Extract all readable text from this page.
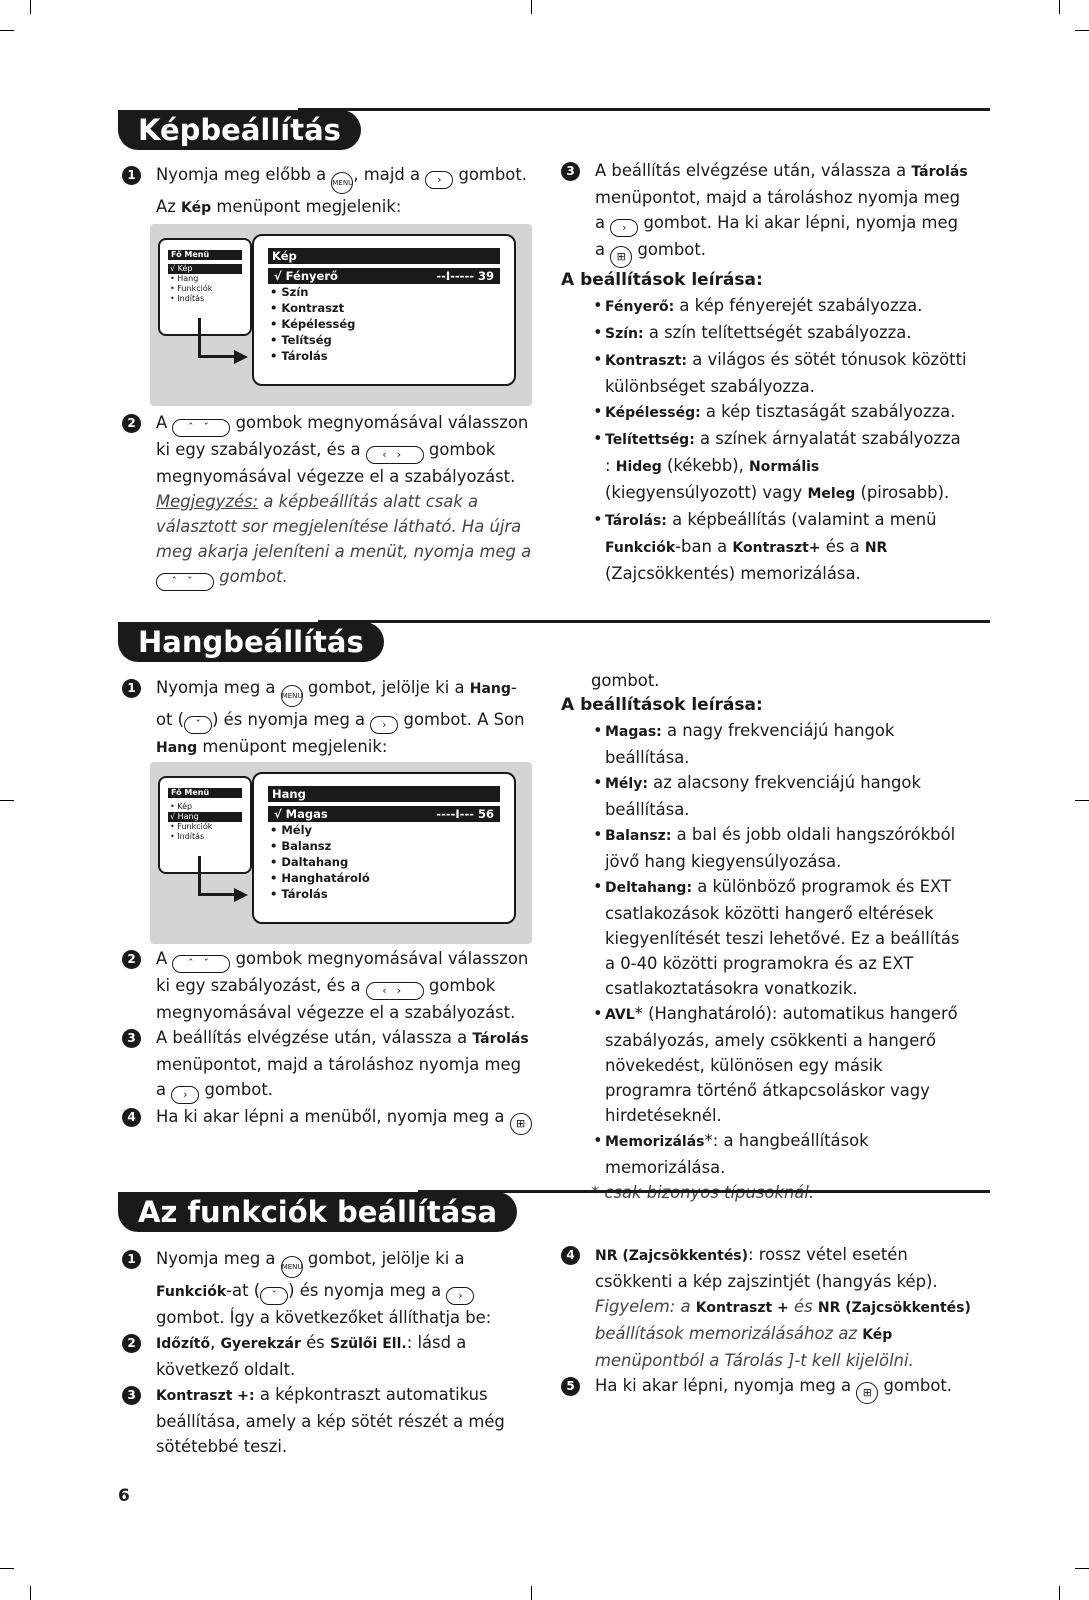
Képbeállítás
1	Nyomja meg előbb a MENU, majd a › gombot.
Az Kép menüpont megjelenik:
Fő Menü
√ Kép
• Hang
• Funkciók
• Indítás
Kép
√ Fényerő	--I----- 39
• Szín
• Kontraszt
• Képélesség
• Telítség
• Tárolás
2	A ˆˇ gombok megnyomásával válasszon ki egy szabályozást, és a ‹› gombok megnyomásával végezze el a szabályozást.
Megjegyzés: a képbeállítás alatt csak a választott sor megjelenítése látható. Ha újra meg akarja jeleníteni a menüt, nyomja meg a ˆˇ gombot.
3	A beállítás elvégzése után, válassza a Tárolás menüpontot, majd a tároláshoz nyomja meg a › gombot. Ha ki akar lépni, nyomja meg a ⊞ gombot.
A beállítások leírása:
• Fényerő: a kép fényerejét szabályozza.
• Szín: a szín telítettségét szabályozza.
• Kontraszt: a világos és sötét tónusok közötti különbséget szabályozza.
• Képélesség: a kép tisztaságát szabályozza.
• Telítettség: a színek árnyalatát szabályozza : Hideg (kékebb), Normális (kiegyensúlyozott) vagy Meleg (pirosabb).
• Tárolás: a képbeállítás (valamint a menü Funkciók-ban a Kontraszt+ és a NR (Zajcsökkentés) memorizálása.
Hangbeállítás
1	Nyomja meg a MENU gombot, jelölje ki a Hang-ot ( ˇ ) és nyomja meg a › gombot. A Son Hang menüpont megjelenik:
Fő Menü
• Kép
√ Hang
• Funkciók
• Indítás
Hang
√ Magas	----I--- 56
• Mély
• Balansz
• Daltahang
• Hanghatároló
• Tárolás
2	A ˆˇ gombok megnyomásával válasszon ki egy szabályozást, és a ‹› gombok megnyomásával végezze el a szabályozást.
3	A beállítás elvégzése után, válassza a Tárolás menüpontot, majd a tároláshoz nyomja meg a › gombot.
4	Ha ki akar lépni a menüből, nyomja meg a ⊞
gombot.
A beállítások leírása:
• Magas: a nagy frekvenciájú hangok beállítása.
• Mély: az alacsony frekvenciájú hangok beállítása.
• Balansz: a bal és jobb oldali hangszórókból jövő hang kiegyensúlyozása.
• Deltahang: a különböző programok és EXT csatlakozások közötti hangerő eltérések kiegyenlítését teszi lehetővé. Ez a beállítás a 0-40 közötti programokra és az EXT csatlakoztatásokra vonatkozik.
• AVL* (Hanghatároló): automatikus hangerő szabályozás, amely csökkenti a hangerő növekedést, különösen egy másik programra történő átkapcsoláskor vagy hirdetéseknél.
• Memorizálás*: a hangbeállítások memorizálása.
Az funkciók beállítása
1	Nyomja meg a MENU gombot, jelölje ki a Funkciók-at ( ˇ ) és nyomja meg a › gombot. Így a következőket állíthatja be:
2	Időzítő, Gyerekzár és Szülői Ell.: lásd a következő oldalt.
3	Kontraszt +: a képkontraszt automatikus beállítása, amely a kép sötét részét a még sötétebbé teszi.
4	NR (Zajcsökkentés): rossz vétel esetén csökkenti a kép zajszintjét (hangyás kép).
Figyelem: a Kontraszt + és NR (Zajcsökkentés) beállítások memorizálásához az Kép menüpontból a Tárolás ]-t kell kijelölni.
5	Ha ki akar lépni, nyomja meg a ⊞ gombot.
6
